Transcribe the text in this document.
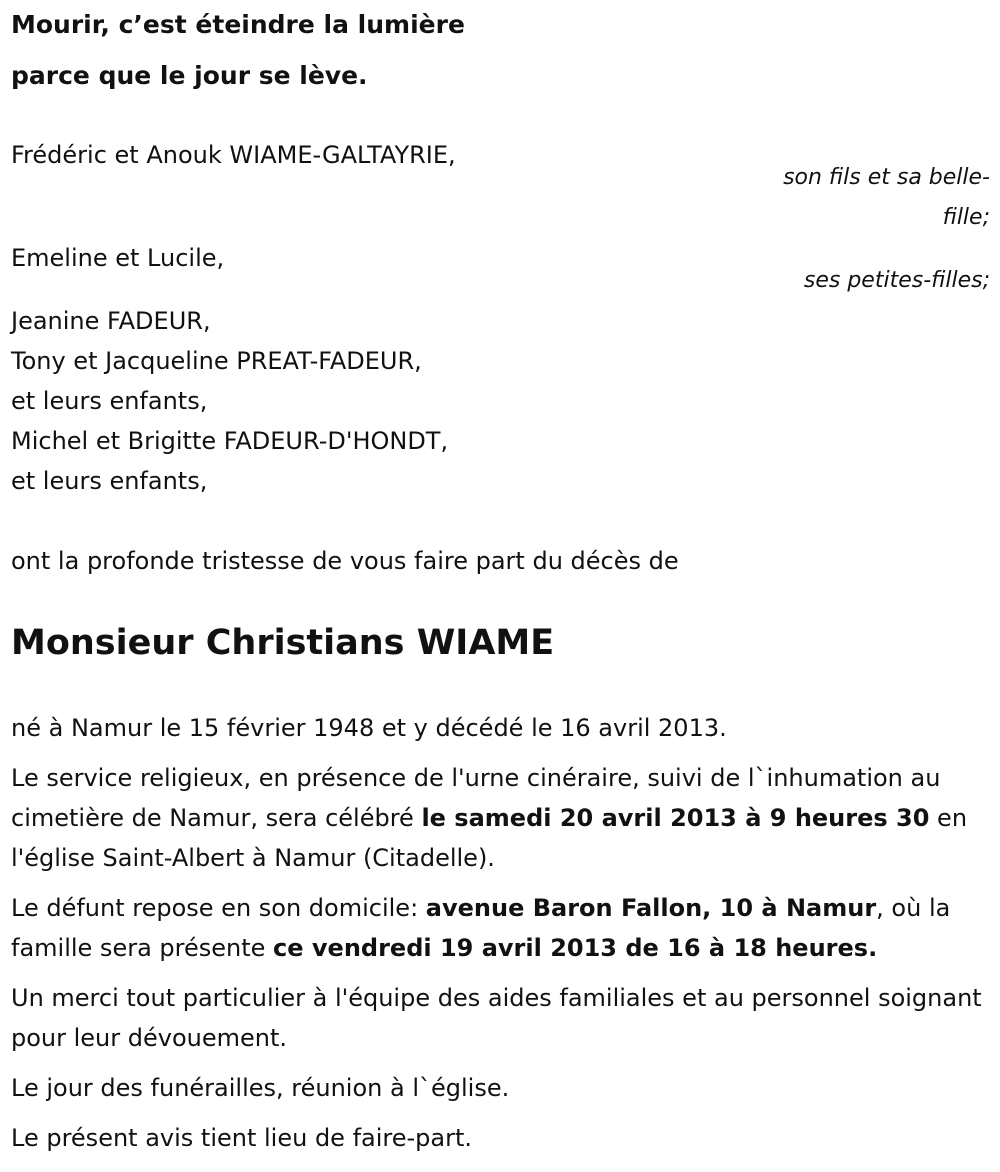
Mourir, c’est éteindre la lumière

parce que le jour se lève.

Frédéric et Anouk WIAME-GALTAYRIE,

son fils et sa belle-

fille;

Emeline et Lucile,

ses petites-filles;

Jeanine FADEUR,

Tony et Jacqueline PREAT-FADEUR,

et leurs enfants,

Michel et Brigitte FADEUR-D'HONDT,

et leurs enfants,

ont la profonde tristesse de vous faire part du décès de

Monsieur Christians WIAME

né à Namur le 15 février 1948 et y décédé le 16 avril 2013.

Le service religieux, en présence de l'urne cinéraire, suivi de l`inhumation au cimetière de Namur, sera célébré le samedi 20 avril 2013 à 9 heures 30 en l'église Saint-Albert à Namur (Citadelle).

Le défunt repose en son domicile: avenue Baron Fallon, 10 à Namur, où la famille sera présente ce vendredi 19 avril 2013 de 16 à 18 heures.

Un merci tout particulier à l'équipe des aides familiales et au personnel soignant pour leur dévouement.

Le jour des funérailles, réunion à l`église.

Le présent avis tient lieu de faire-part.
